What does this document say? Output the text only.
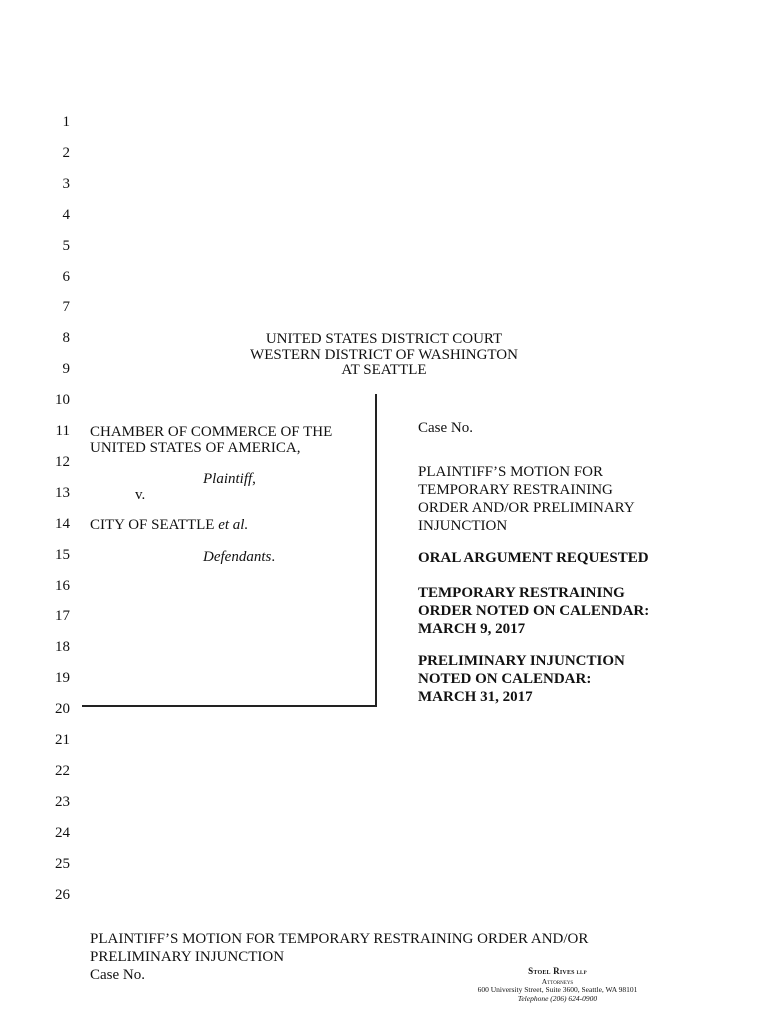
1
2
3
4
5
6
7
8
9
10
11
12
13
14
15
16
17
18
19
20
21
22
23
24
25
26
UNITED STATES DISTRICT COURT
WESTERN DISTRICT OF WASHINGTON
AT SEATTLE
CHAMBER OF COMMERCE OF THE
UNITED STATES OF AMERICA,
Plaintiff,
v.
CITY OF SEATTLE et al.
Defendants.
Case No.
PLAINTIFF’S MOTION FOR
TEMPORARY RESTRAINING
ORDER AND/OR PRELIMINARY
INJUNCTION
ORAL ARGUMENT REQUESTED
TEMPORARY RESTRAINING
ORDER NOTED ON CALENDAR:
MARCH 9, 2017
PRELIMINARY INJUNCTION
NOTED ON CALENDAR:
MARCH 31, 2017
PLAINTIFF’S MOTION FOR TEMPORARY RESTRAINING ORDER AND/OR
PRELIMINARY INJUNCTION
Case No.	Stoel Rives llp
Attorneys
600 University Street, Suite 3600, Seattle, WA 98101
Telephone (206) 624-0900
